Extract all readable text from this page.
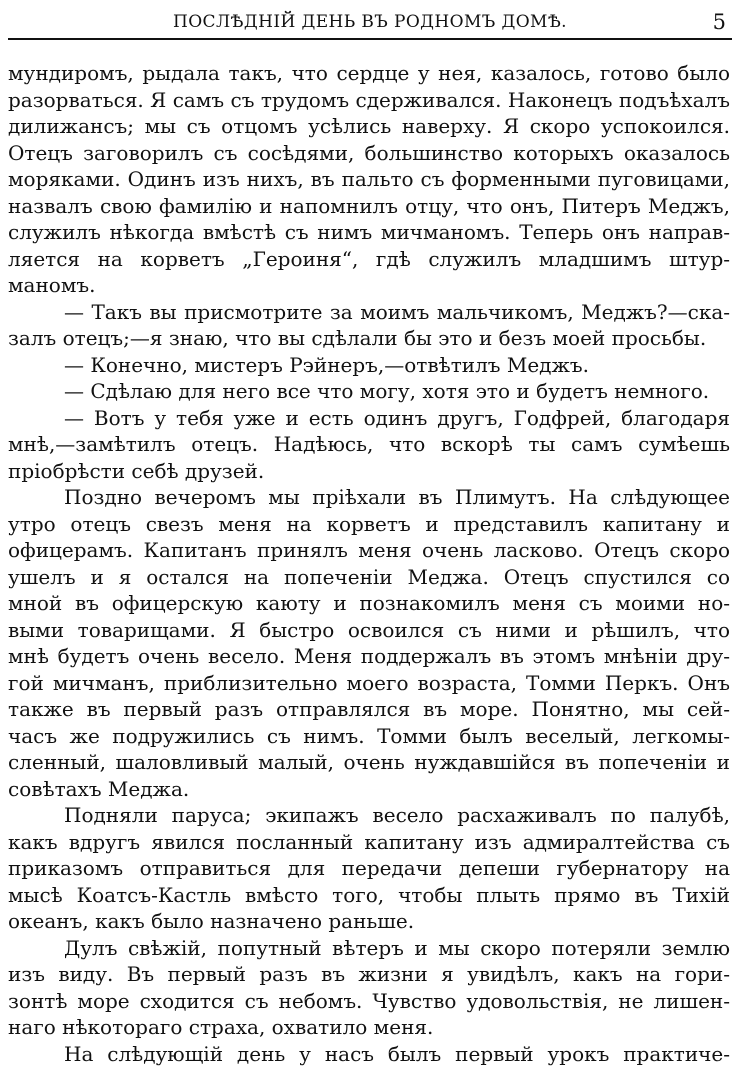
ПОСЛѢДНІЙ ДЕНЬ ВЪ РОДНОМЪ ДОМѢ.	5
мундиромъ, рыдала такъ, что сердце у нея, казалось, готово было
разорваться. Я самъ съ трудомъ сдерживался. Наконецъ подъѣхалъ
дилижансъ; мы съ отцомъ усѣлись наверху. Я скоро успокоился.
Отецъ заговорилъ съ сосѣдями, большинство которыхъ оказалось
моряками. Одинъ изъ нихъ, въ пальто съ форменными пуговицами,
назвалъ свою фамилію и напомнилъ отцу, что онъ, Питеръ Меджъ,
служилъ нѣкогда вмѣстѣ съ нимъ мичманомъ. Теперь онъ направ-
ляется на корветъ „Героиня“, гдѣ служилъ младшимъ штур-
маномъ.
— Такъ вы присмотрите за моимъ мальчикомъ, Меджъ?—ска-
залъ отецъ;—я знаю, что вы сдѣлали бы это и безъ моей просьбы.
— Конечно, мистеръ Рэйнеръ,—отвѣтилъ Меджъ.
— Сдѣлаю для него все что могу, хотя это и будетъ немного.
— Вотъ у тебя уже и есть одинъ другъ, Годфрей, благодаря
мнѣ,—замѣтилъ отецъ. Надѣюсь, что вскорѣ ты самъ сумѣешь
пріобрѣсти себѣ друзей.
Поздно вечеромъ мы пріѣхали въ Плимутъ. На слѣдующее
утро отецъ свезъ меня на корветъ и представилъ капитану и
офицерамъ. Капитанъ принялъ меня очень ласково. Отецъ скоро
ушелъ и я остался на попеченіи Меджа. Отецъ спустился со
мной въ офицерскую каюту и познакомилъ меня съ моими но-
выми товарищами. Я быстро освоился съ ними и рѣшилъ, что
мнѣ будетъ очень весело. Меня поддержалъ въ этомъ мнѣніи дру-
гой мичманъ, приблизительно моего возраста, Томми Перкъ. Онъ
также въ первый разъ отправлялся въ море. Понятно, мы сей-
часъ же подружились съ нимъ. Томми былъ веселый, легкомы-
сленный, шаловливый малый, очень нуждавшійся въ попеченіи и
совѣтахъ Меджа.
Подняли паруса; экипажъ весело расхаживалъ по палубѣ,
какъ вдругъ явился посланный капитану изъ адмиралтейства съ
приказомъ отправиться для передачи депеши губернатору на
мысѣ Коатсъ-Кастль вмѣсто того, чтобы плыть прямо въ Тихій
океанъ, какъ было назначено раньше.
Дулъ свѣжій, попутный вѣтеръ и мы скоро потеряли землю
изъ виду. Въ первый разъ въ жизни я увидѣлъ, какъ на гори-
зонтѣ море сходится съ небомъ. Чувство удовольствія, не лишен-
наго нѣкотораго страха, охватило меня.
На слѣдующій день у насъ былъ первый урокъ практиче-
